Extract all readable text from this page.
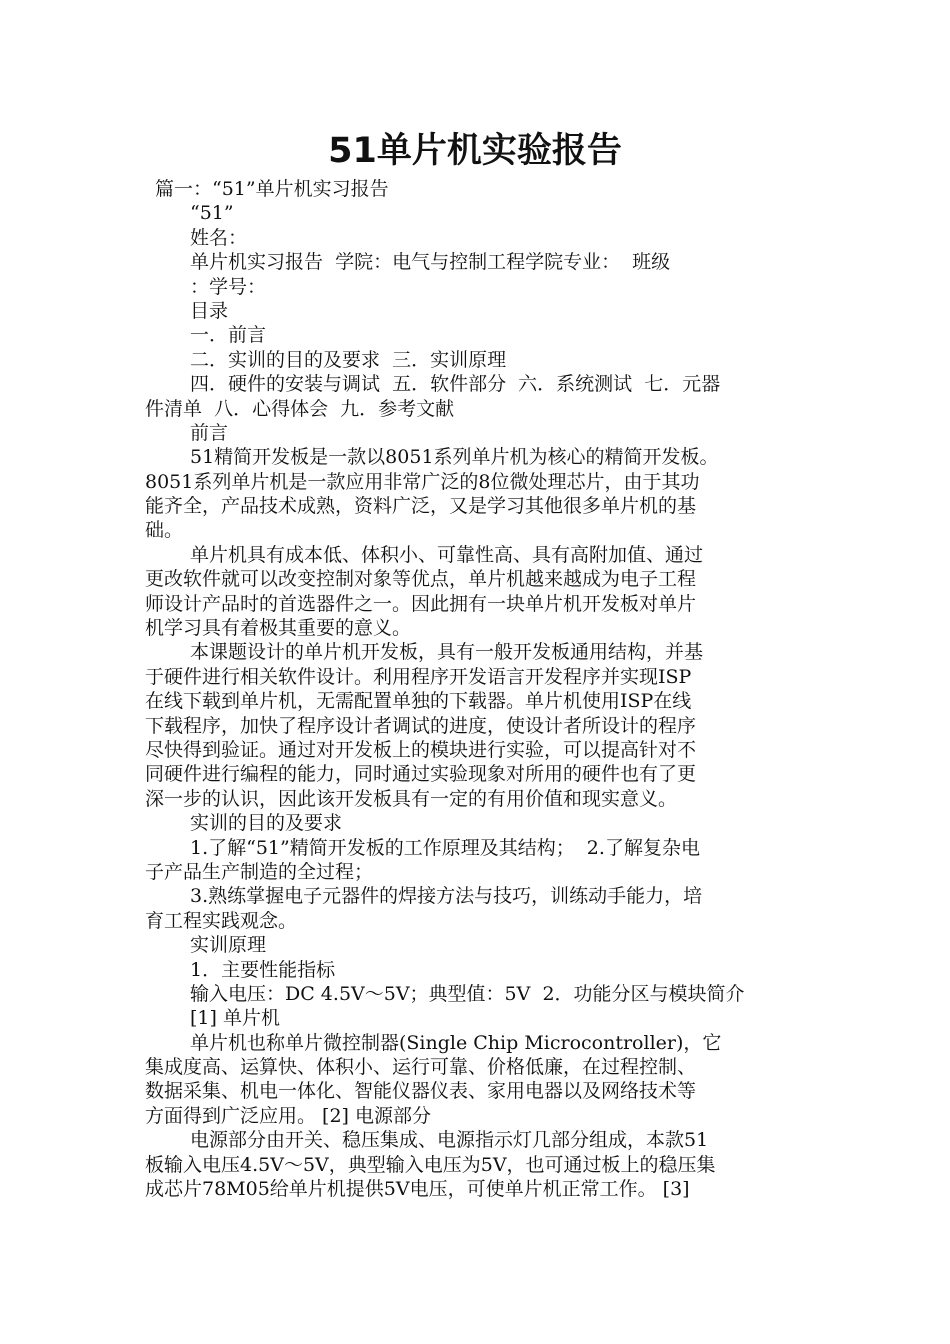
51单片机实验报告
篇一：“51”单片机实习报告
“51”
姓名：
单片机实习报告  学院：电气与控制工程学院专业：  班级
：学号：
目录
一．前言
二．实训的目的及要求  三．实训原理
四．硬件的安装与调试  五．软件部分  六．系统测试  七．元器
件清单  八．心得体会  九．参考文献
前言
51精简开发板是一款以8051系列单片机为核心的精简开发板。
8051系列单片机是一款应用非常广泛的8位微处理芯片，由于其功
能齐全，产品技术成熟，资料广泛，又是学习其他很多单片机的基
础。
单片机具有成本低、体积小、可靠性高、具有高附加值、通过
更改软件就可以改变控制对象等优点，单片机越来越成为电子工程
师设计产品时的首选器件之一。因此拥有一块单片机开发板对单片
机学习具有着极其重要的意义。
本课题设计的单片机开发板，具有一般开发板通用结构，并基
于硬件进行相关软件设计。利用程序开发语言开发程序并实现ISP
在线下载到单片机，无需配置单独的下载器。单片机使用ISP在线
下载程序，加快了程序设计者调试的进度，使设计者所设计的程序
尽快得到验证。通过对开发板上的模块进行实验，可以提高针对不
同硬件进行编程的能力，同时通过实验现象对所用的硬件也有了更
深一步的认识，因此该开发板具有一定的有用价值和现实意义。
实训的目的及要求
1.了解“51”精简开发板的工作原理及其结构；  2.了解复杂电
子产品生产制造的全过程；
3.熟练掌握电子元器件的焊接方法与技巧，训练动手能力，培
育工程实践观念。
实训原理
1．主要性能指标
输入电压：DC 4.5V～5V；典型值：5V  2．功能分区与模块简介
[1] 单片机
单片机也称单片微控制器(Single Chip Microcontroller)，它
集成度高、运算快、体积小、运行可靠、价格低廉，在过程控制、
数据采集、机电一体化、智能仪器仪表、家用电器以及网络技术等
方面得到广泛应用。 [2] 电源部分
电源部分由开关、稳压集成、电源指示灯几部分组成，本款51
板输入电压4.5V～5V，典型输入电压为5V，也可通过板上的稳压集
成芯片78M05给单片机提供5V电压，可使单片机正常工作。 [3]
